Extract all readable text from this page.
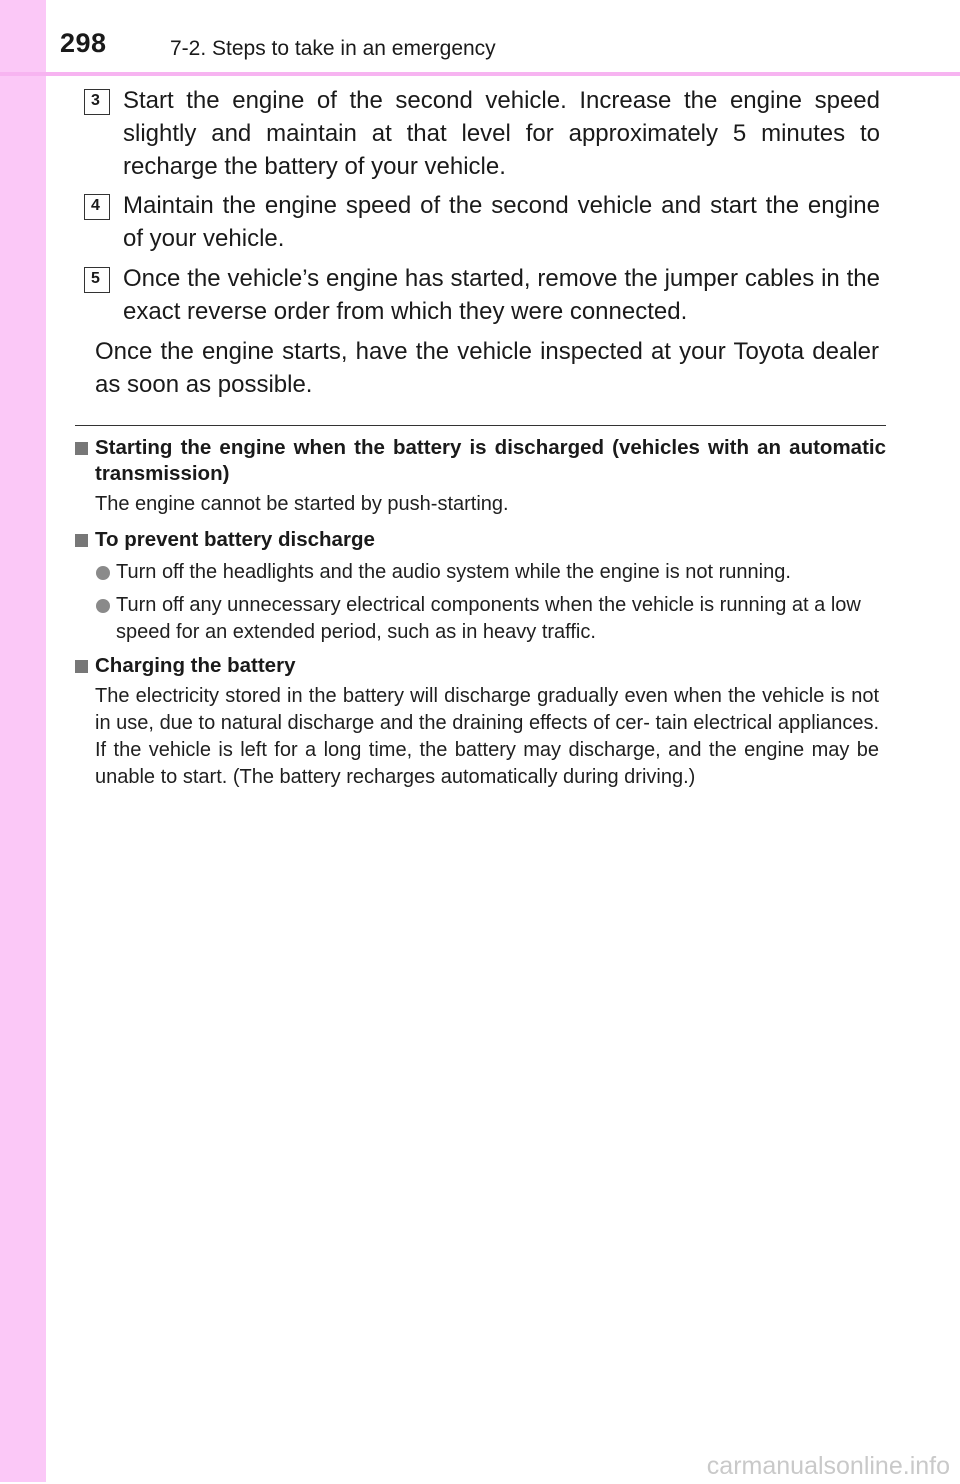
298	7-2. Steps to take in an emergency
3 Start the engine of the second vehicle. Increase the engine speed slightly and maintain at that level for approximately 5 minutes to recharge the battery of your vehicle.
4 Maintain the engine speed of the second vehicle and start the engine of your vehicle.
5 Once the vehicle’s engine has started, remove the jumper cables in the exact reverse order from which they were connected.
Once the engine starts, have the vehicle inspected at your Toyota dealer as soon as possible.
Starting the engine when the battery is discharged (vehicles with an automatic transmission)
The engine cannot be started by push-starting.
To prevent battery discharge
Turn off the headlights and the audio system while the engine is not running.
Turn off any unnecessary electrical components when the vehicle is running at a low speed for an extended period, such as in heavy traffic.
Charging the battery
The electricity stored in the battery will discharge gradually even when the vehicle is not in use, due to natural discharge and the draining effects of cer- tain electrical appliances. If the vehicle is left for a long time, the battery may discharge, and the engine may be unable to start. (The battery recharges automatically during driving.)
carmanualsonline.info
